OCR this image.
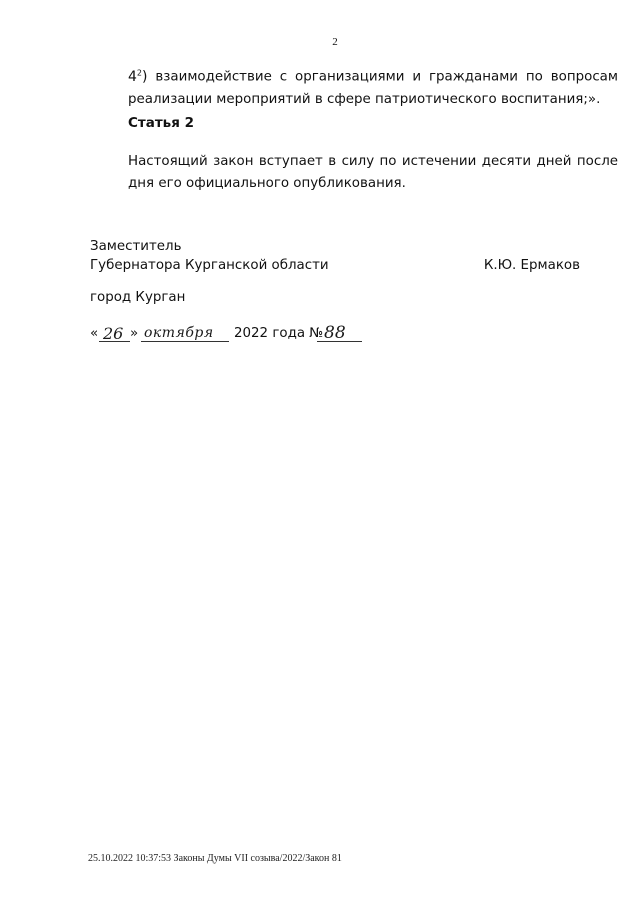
2
$4^2$) взаимодействие с организациями и гражданами по вопросам реализации мероприятий в сфере патриотического воспитания;».
Статья 2
Настоящий закон вступает в силу по истечении десяти дней после дня его официального опубликования.
Заместитель
Губернатора Курганской области	К.Ю. Ермаков
город Курган
« 26 » октября 2022 года № 88
25.10.2022 10:37:53 Законы Думы VII созыва/2022/Закон 81
